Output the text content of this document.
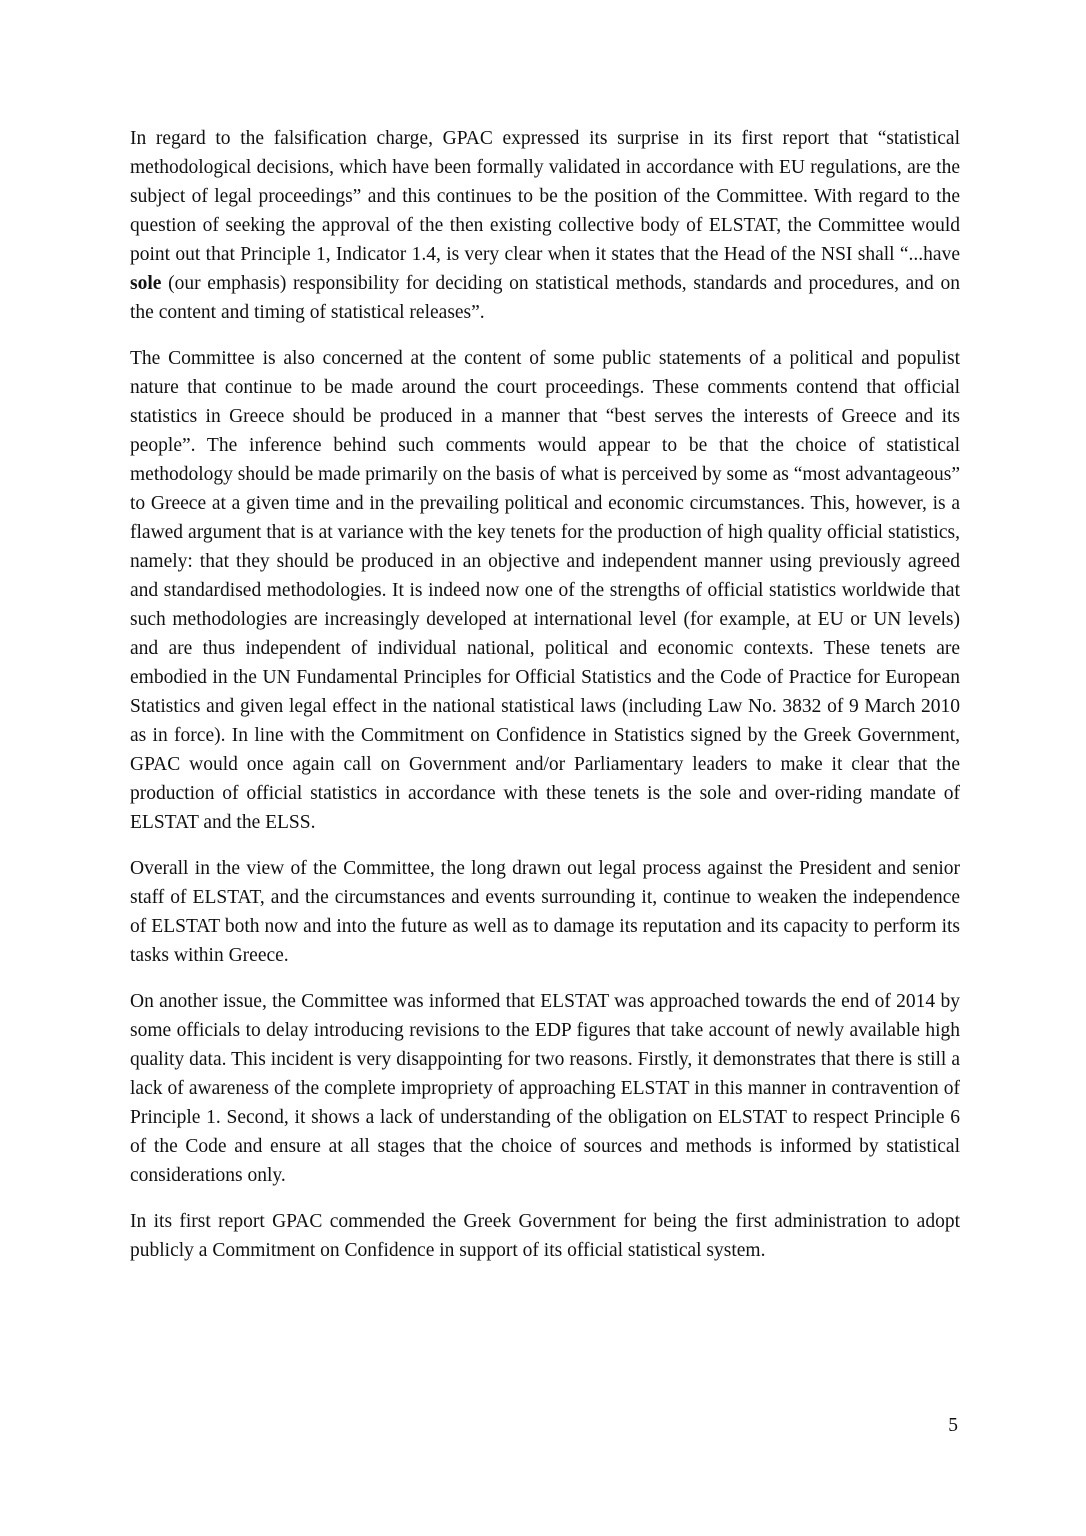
In regard to the falsification charge, GPAC expressed its surprise in its first report that “statistical methodological decisions, which have been formally validated in accordance with EU regulations, are the subject of legal proceedings” and this continues to be the position of the Committee. With regard to the question of seeking the approval of the then existing collective body of ELSTAT, the Committee would point out that Principle 1, Indicator 1.4, is very clear when it states that the Head of the NSI shall “...have sole (our emphasis) responsibility for deciding on statistical methods, standards and procedures, and on the content and timing of statistical releases”.

The Committee is also concerned at the content of some public statements of a political and populist nature that continue to be made around the court proceedings. These comments contend that official statistics in Greece should be produced in a manner that “best serves the interests of Greece and its people”. The inference behind such comments would appear to be that the choice of statistical methodology should be made primarily on the basis of what is perceived by some as “most advantageous” to Greece at a given time and in the prevailing political and economic circumstances. This, however, is a flawed argument that is at variance with the key tenets for the production of high quality official statistics, namely: that they should be produced in an objective and independent manner using previously agreed and standardised methodologies. It is indeed now one of the strengths of official statistics worldwide that such methodologies are increasingly developed at international level (for example, at EU or UN levels) and are thus independent of individual national, political and economic contexts. These tenets are embodied in the UN Fundamental Principles for Official Statistics and the Code of Practice for European Statistics and given legal effect in the national statistical laws (including Law No. 3832 of 9 March 2010 as in force). In line with the Commitment on Confidence in Statistics signed by the Greek Government, GPAC would once again call on Government and/or Parliamentary leaders to make it clear that the production of official statistics in accordance with these tenets is the sole and over-riding mandate of ELSTAT and the ELSS.

Overall in the view of the Committee, the long drawn out legal process against the President and senior staff of ELSTAT, and the circumstances and events surrounding it, continue to weaken the independence of ELSTAT both now and into the future as well as to damage its reputation and its capacity to perform its tasks within Greece.

On another issue, the Committee was informed that ELSTAT was approached towards the end of 2014 by some officials to delay introducing revisions to the EDP figures that take account of newly available high quality data. This incident is very disappointing for two reasons. Firstly, it demonstrates that there is still a lack of awareness of the complete impropriety of approaching ELSTAT in this manner in contravention of Principle 1. Second, it shows a lack of understanding of the obligation on ELSTAT to respect Principle 6 of the Code and ensure at all stages that the choice of sources and methods is informed by statistical considerations only.

In its first report GPAC commended the Greek Government for being the first administration to adopt publicly a Commitment on Confidence in support of its official statistical system.

5
